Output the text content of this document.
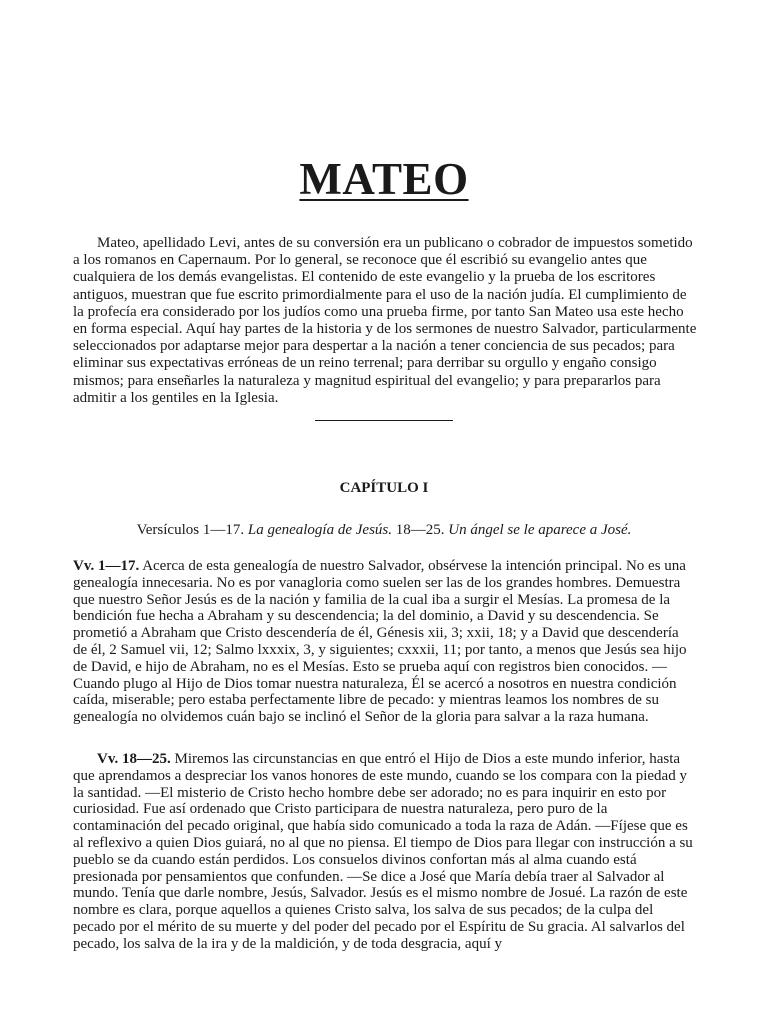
MATEO

Mateo, apellidado Levi, antes de su conversión era un publicano o cobrador de impuestos sometido a los romanos en Capernaum. Por lo general, se reconoce que él escribió su evangelio antes que cualquiera de los demás evangelistas. El contenido de este evangelio y la prueba de los escritores antiguos, muestran que fue escrito primordialmente para el uso de la nación judía. El cumplimiento de la profecía era considerado por los judíos como una prueba firme, por tanto San Mateo usa este hecho en forma especial. Aquí hay partes de la historia y de los sermones de nuestro Salvador, particularmente seleccionados por adaptarse mejor para despertar a la nación a tener conciencia de sus pecados; para eliminar sus expectativas erróneas de un reino terrenal; para derribar su orgullo y engaño consigo mismos; para enseñarles la naturaleza y magnitud espiritual del evangelio; y para prepararlos para admitir a los gentiles en la Iglesia.

CAPÍTULO I
Versículos 1—17. La genealogía de Jesús. 18—25. Un ángel se le aparece a José.

Vv. 1—17. Acerca de esta genealogía de nuestro Salvador, obsérvese la intención principal. No es una genealogía innecesaria. No es por vanagloria como suelen ser las de los grandes hombres. Demuestra que nuestro Señor Jesús es de la nación y familia de la cual iba a surgir el Mesías. La promesa de la bendición fue hecha a Abraham y su descendencia; la del dominio, a David y su descendencia. Se prometió a Abraham que Cristo descendería de él, Génesis xii, 3; xxii, 18; y a David que descendería de él, 2 Samuel vii, 12; Salmo lxxxix, 3, y siguientes; cxxxii, 11; por tanto, a menos que Jesús sea hijo de David, e hijo de Abraham, no es el Mesías. Esto se prueba aquí con registros bien conocidos. —Cuando plugo al Hijo de Dios tomar nuestra naturaleza, Él se acercó a nosotros en nuestra condición caída, miserable; pero estaba perfectamente libre de pecado: y mientras leamos los nombres de su genealogía no olvidemos cuán bajo se inclinó el Señor de la gloria para salvar a la raza humana.

Vv. 18—25. Miremos las circunstancias en que entró el Hijo de Dios a este mundo inferior, hasta que aprendamos a despreciar los vanos honores de este mundo, cuando se los compara con la piedad y la santidad. —El misterio de Cristo hecho hombre debe ser adorado; no es para inquirir en esto por curiosidad. Fue así ordenado que Cristo participara de nuestra naturaleza, pero puro de la contaminación del pecado original, que había sido comunicado a toda la raza de Adán. —Fíjese que es al reflexivo a quien Dios guiará, no al que no piensa. El tiempo de Dios para llegar con instrucción a su pueblo se da cuando están perdidos. Los consuelos divinos confortan más al alma cuando está presionada por pensamientos que confunden. —Se dice a José que María debía traer al Salvador al mundo. Tenía que darle nombre, Jesús, Salvador. Jesús es el mismo nombre de Josué. La razón de este nombre es clara, porque aquellos a quienes Cristo salva, los salva de sus pecados; de la culpa del pecado por el mérito de su muerte y del poder del pecado por el Espíritu de Su gracia. Al salvarlos del pecado, los salva de la ira y de la maldición, y de toda desgracia, aquí y
